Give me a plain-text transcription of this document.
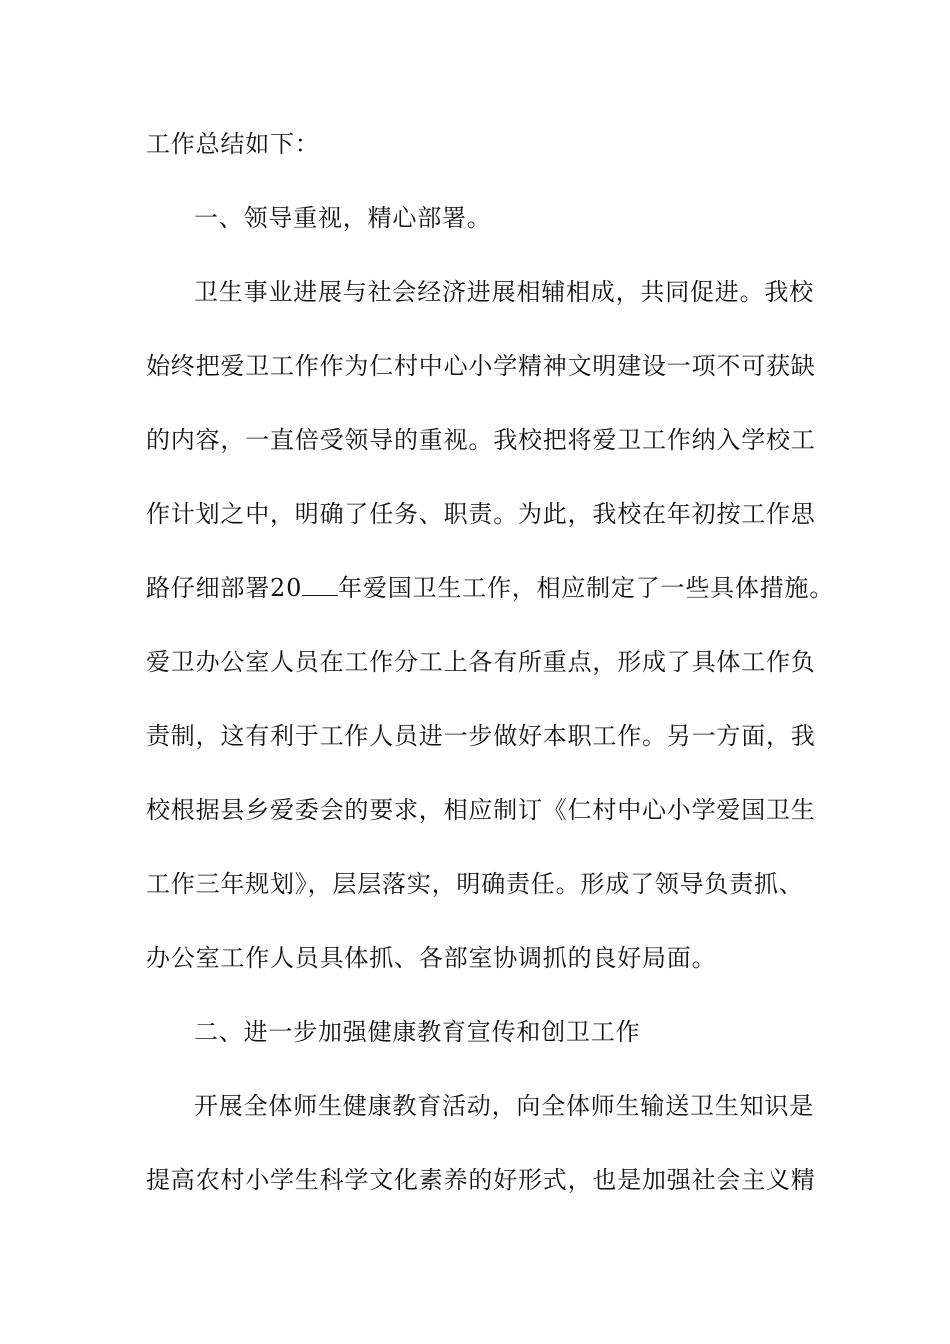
工作总结如下：
一、领导重视，精心部署。
卫生事业进展与社会经济进展相辅相成，共同促进。我校
始终把爱卫工作作为仁村中心小学精神文明建设一项不可获缺
的内容，一直倍受领导的重视。我校把将爱卫工作纳入学校工
作计划之中，明确了任务、职责。为此，我校在年初按工作思
路仔细部署20 年爱国卫生工作，相应制定了一些具体措施。
爱卫办公室人员在工作分工上各有所重点，形成了具体工作负
责制，这有利于工作人员进一步做好本职工作。另一方面，我
校根据县乡爱委会的要求，相应制订《仁村中心小学爱国卫生
工作三年规划》，层层落实，明确责任。形成了领导负责抓、
办公室工作人员具体抓、各部室协调抓的良好局面。
二、进一步加强健康教育宣传和创卫工作
开展全体师生健康教育活动，向全体师生输送卫生知识是
提高农村小学生科学文化素养的好形式，也是加强社会主义精
